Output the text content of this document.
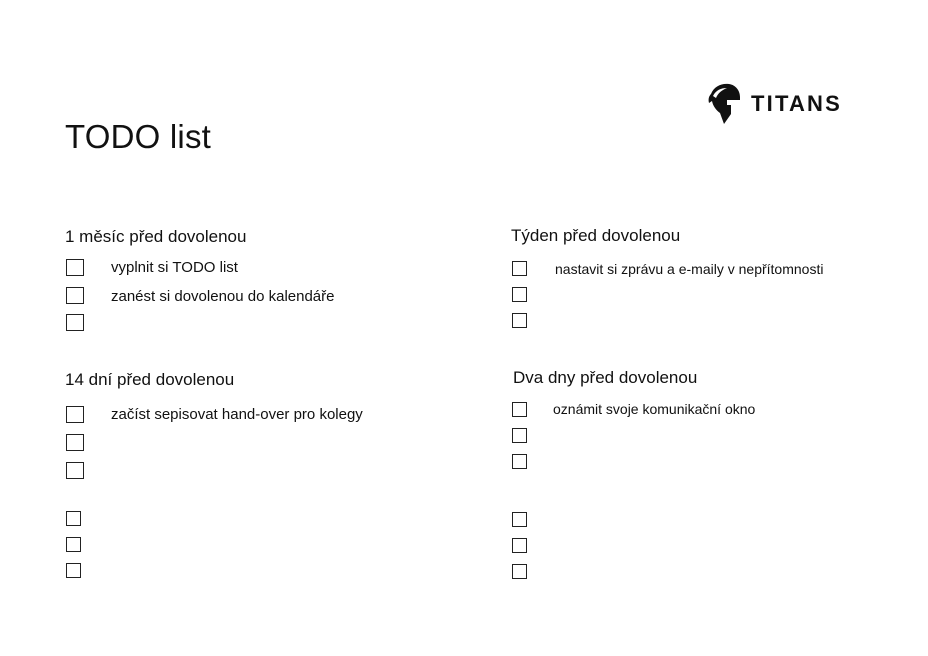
TODO list
TITANS
1 měsíc před dovolenou
vyplnit si TODO list
zanést si dovolenou do kalendáře
Týden před dovolenou
nastavit si zprávu a e-maily v nepřítomnosti
14 dní před dovolenou
začíst sepisovat hand-over pro kolegy
Dva dny před dovolenou
oznámit svoje komunikační okno
